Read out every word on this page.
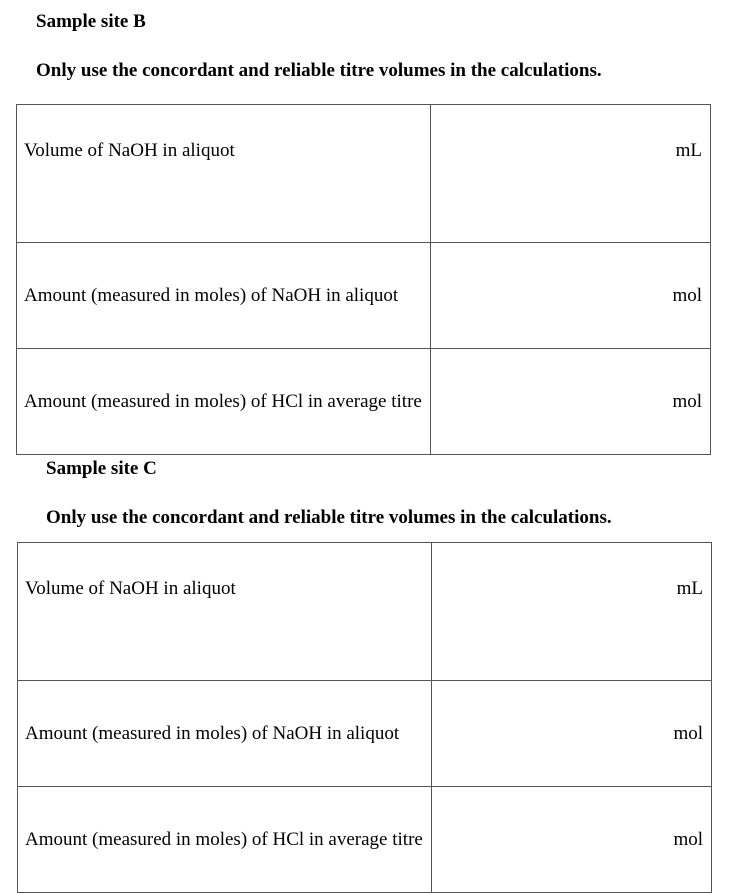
Sample site B
Only use the concordant and reliable titre volumes in the calculations.
Volume of NaOH in aliquot	mL
Amount (measured in moles) of NaOH in aliquot	mol
Amount (measured in moles) of HCl in average titre	mol
Sample site C
Only use the concordant and reliable titre volumes in the calculations.
Volume of NaOH in aliquot	mL
Amount (measured in moles) of NaOH in aliquot	mol
Amount (measured in moles) of HCl in average titre	mol
